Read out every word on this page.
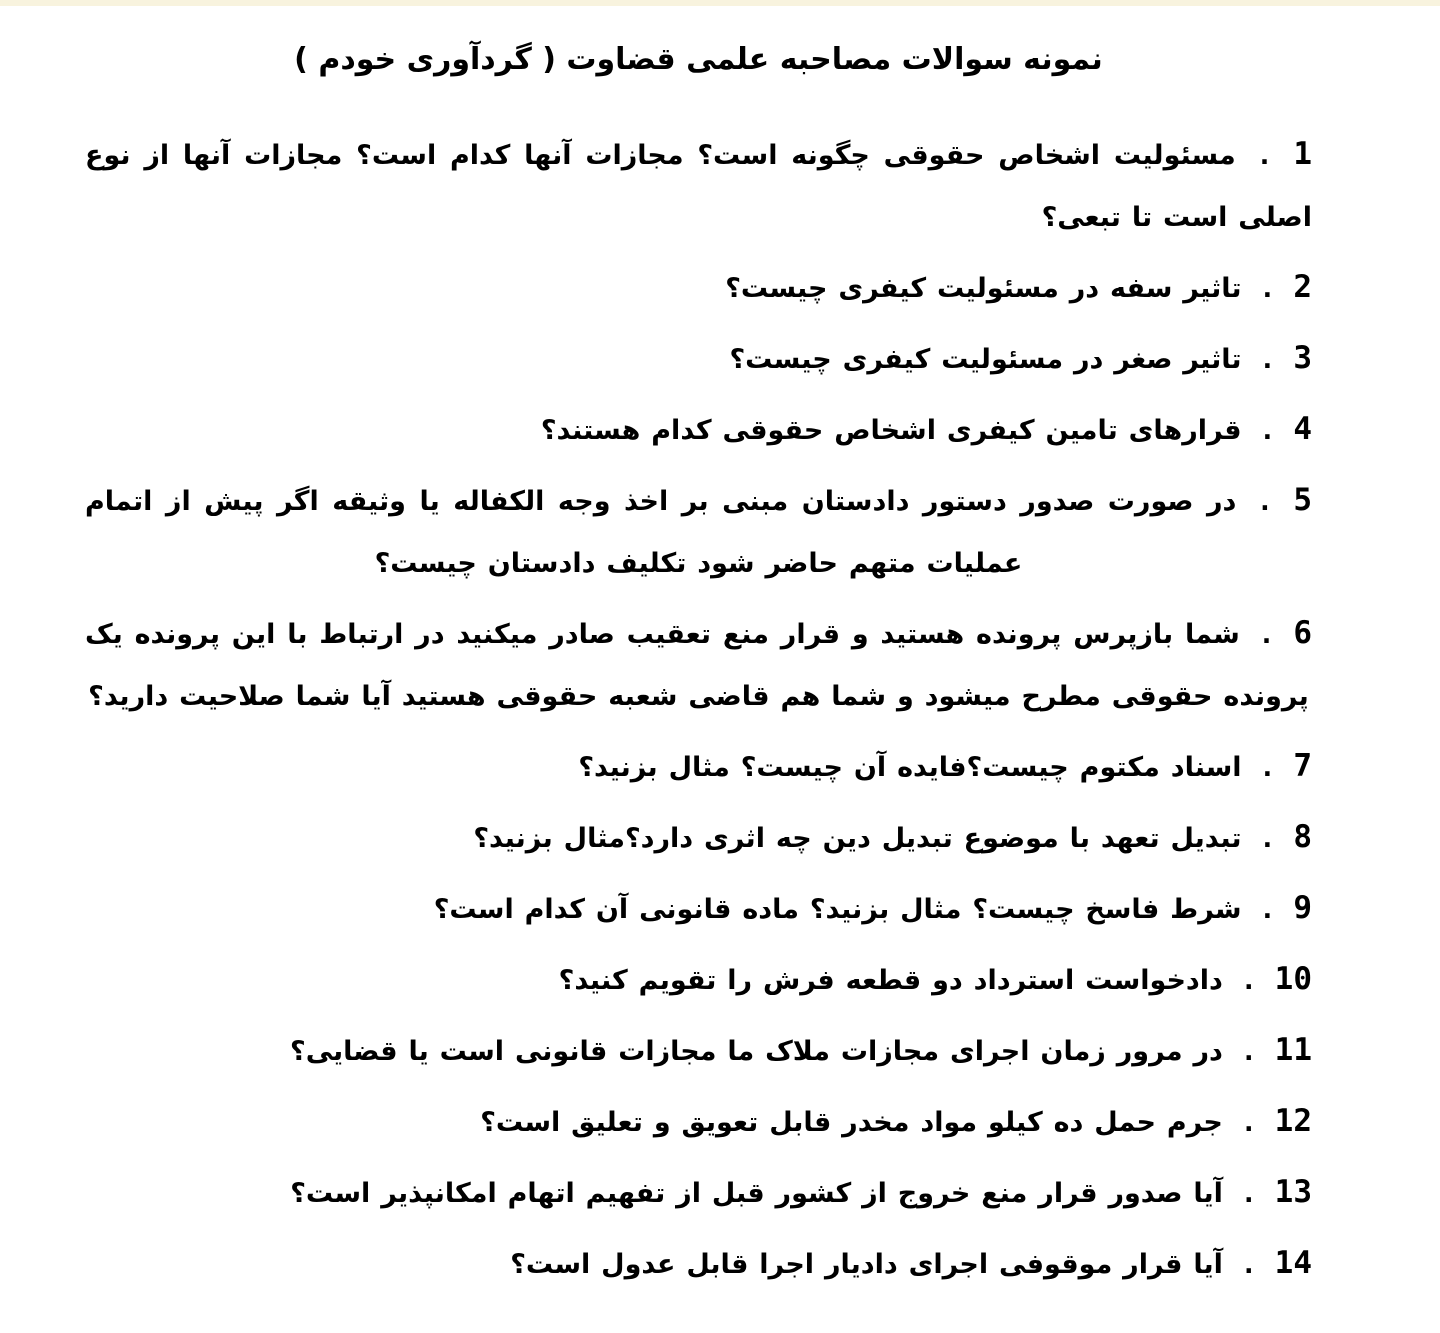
نمونه سوالات مصاحبه علمی قضاوت ( گردآوری خودم )
1 . مسئولیت اشخاص حقوقی چگونه است؟ مجازات آنها کدام است؟ مجازات آنها از نوع اصلی است تا تبعی؟
2 . تاثیر سفه در مسئولیت کیفری چیست؟
3 . تاثیر صغر در مسئولیت کیفری چیست؟
4 . قرارهای تامین کیفری اشخاص حقوقی کدام هستند؟
5 . در صورت صدور دستور دادستان مبنی بر اخذ وجه الکفاله یا وثیقه اگر پیش از اتمام عملیات متهم حاضر شود تکلیف دادستان چیست؟
6 . شما بازپرس پرونده هستید و قرار منع تعقیب صادر میکنید در ارتباط با این پرونده یک پرونده حقوقی مطرح میشود و شما هم قاضی شعبه حقوقی هستید آیا شما صلاحیت دارید؟
7 . اسناد مکتوم چیست؟فایده آن چیست؟ مثال بزنید؟
8 . تبدیل تعهد با موضوع تبدیل دین چه اثری دارد؟مثال بزنید؟
9 . شرط فاسخ چیست؟ مثال بزنید؟ ماده قانونی آن کدام است؟
10 . دادخواست استرداد دو قطعه فرش را تقویم کنید؟
11 . در مرور زمان اجرای مجازات ملاک ما مجازات قانونی است یا قضایی؟
12 . جرم حمل ده کیلو مواد مخدر قابل تعویق و تعلیق است؟
13 . آیا صدور قرار منع خروج از کشور قبل از تفهیم اتهام امکانپذیر است؟
14 . آیا قرار موقوفی اجرای دادیار اجرا قابل عدول است؟
